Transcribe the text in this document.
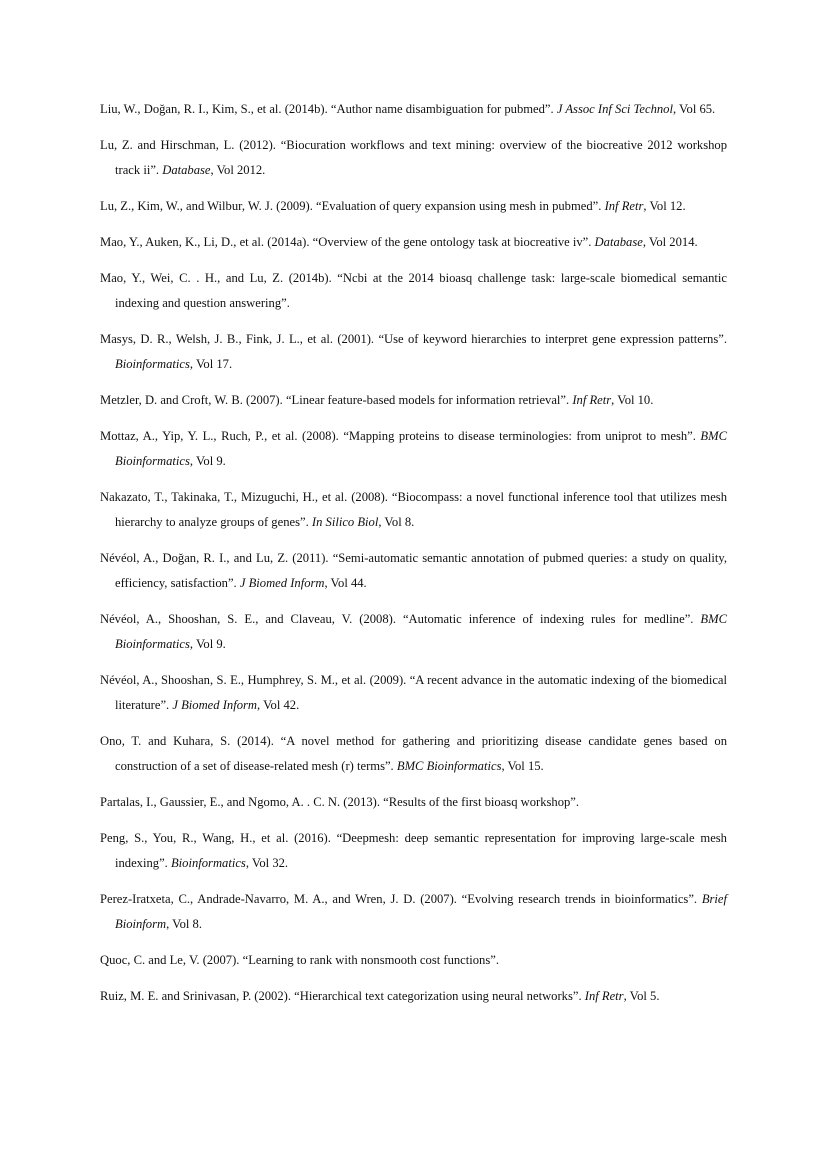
Liu, W., Doğan, R. I., Kim, S., et al. (2014b). “Author name disambiguation for pubmed”. J Assoc Inf Sci Technol, Vol 65.

Lu, Z. and Hirschman, L. (2012). “Biocuration workflows and text mining: overview of the biocreative 2012 workshop track ii”. Database, Vol 2012.

Lu, Z., Kim, W., and Wilbur, W. J. (2009). “Evaluation of query expansion using mesh in pubmed”. Inf Retr, Vol 12.

Mao, Y., Auken, K., Li, D., et al. (2014a). “Overview of the gene ontology task at biocreative iv”. Database, Vol 2014.

Mao, Y., Wei, C. . H., and Lu, Z. (2014b). “Ncbi at the 2014 bioasq challenge task: large-scale biomedical semantic indexing and question answering”.

Masys, D. R., Welsh, J. B., Fink, J. L., et al. (2001). “Use of keyword hierarchies to interpret gene expression patterns”. Bioinformatics, Vol 17.

Metzler, D. and Croft, W. B. (2007). “Linear feature-based models for information retrieval”. Inf Retr, Vol 10.

Mottaz, A., Yip, Y. L., Ruch, P., et al. (2008). “Mapping proteins to disease terminologies: from uniprot to mesh”. BMC Bioinformatics, Vol 9.

Nakazato, T., Takinaka, T., Mizuguchi, H., et al. (2008). “Biocompass: a novel functional inference tool that utilizes mesh hierarchy to analyze groups of genes”. In Silico Biol, Vol 8.

Névéol, A., Doğan, R. I., and Lu, Z. (2011). “Semi-automatic semantic annotation of pubmed queries: a study on quality, efficiency, satisfaction”. J Biomed Inform, Vol 44.

Névéol, A., Shooshan, S. E., and Claveau, V. (2008). “Automatic inference of indexing rules for medline”. BMC Bioinformatics, Vol 9.

Névéol, A., Shooshan, S. E., Humphrey, S. M., et al. (2009). “A recent advance in the automatic indexing of the biomedical literature”. J Biomed Inform, Vol 42.

Ono, T. and Kuhara, S. (2014). “A novel method for gathering and prioritizing disease candidate genes based on construction of a set of disease-related mesh (r) terms”. BMC Bioinformatics, Vol 15.

Partalas, I., Gaussier, E., and Ngomo, A. . C. N. (2013). “Results of the first bioasq workshop”.

Peng, S., You, R., Wang, H., et al. (2016). “Deepmesh: deep semantic representation for improving large-scale mesh indexing”. Bioinformatics, Vol 32.

Perez-Iratxeta, C., Andrade-Navarro, M. A., and Wren, J. D. (2007). “Evolving research trends in bioinformatics”. Brief Bioinform, Vol 8.

Quoc, C. and Le, V. (2007). “Learning to rank with nonsmooth cost functions”.

Ruiz, M. E. and Srinivasan, P. (2002). “Hierarchical text categorization using neural networks”. Inf Retr, Vol 5.
